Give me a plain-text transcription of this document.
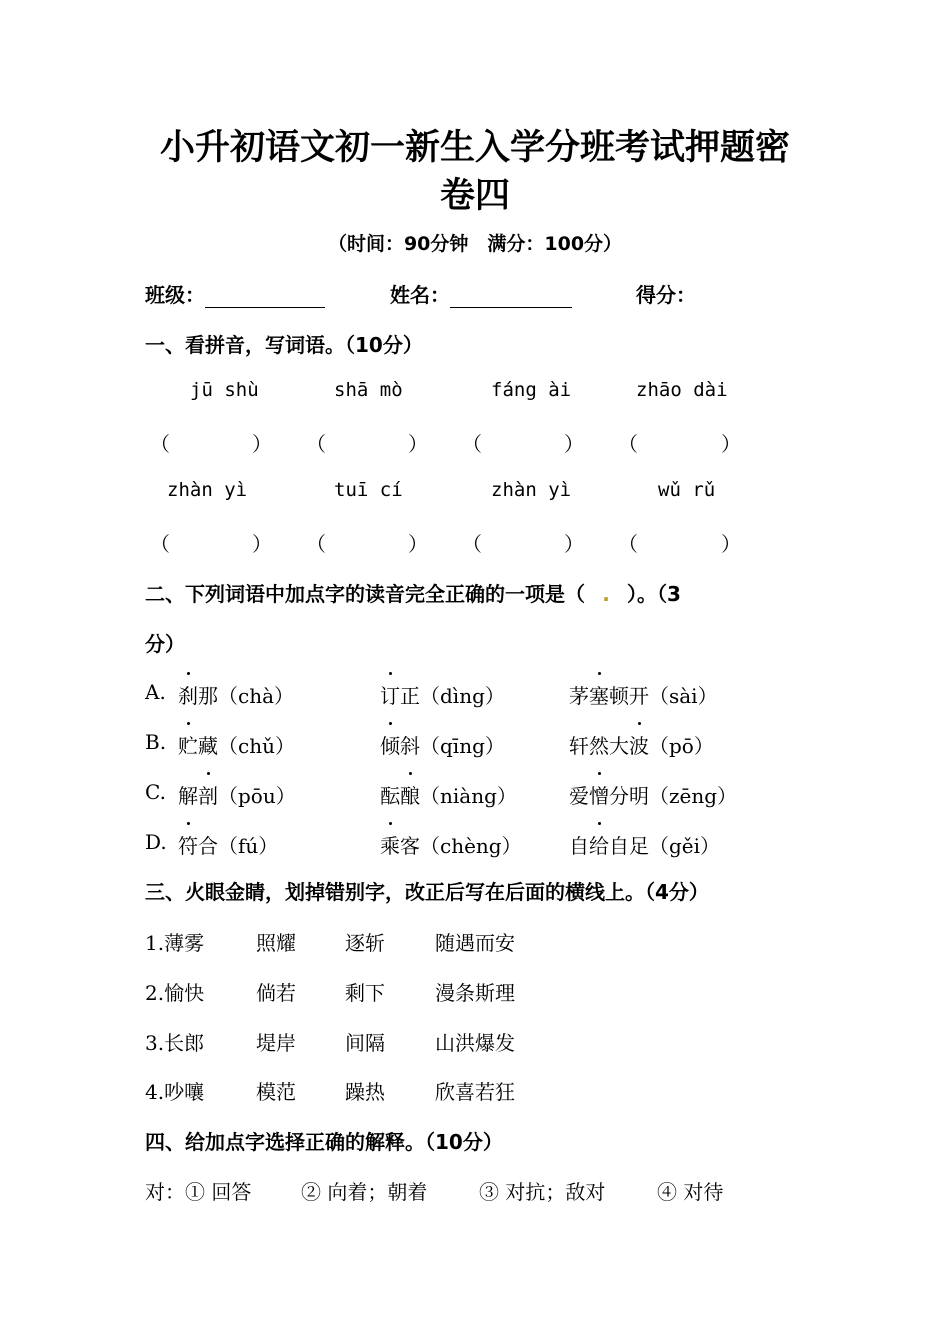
小升初语文初一新生入学分班考试押题密
卷四
（时间：90分钟　满分：100分）
班级：	姓名：	得分：
一、看拼音，写词语。（10分）
jū shù	shā mò	fáng ài	zhāo dài
（	） （	） （	） （	）
zhàn yì	tuī cí	zhàn yì	wǔ rǔ
（	） （	） （	） （	）
二、下列词语中加点字的读音完全正确的一项是（ . ）。（3
分）
A. 刹那（chà）	订正（dìng）	茅塞顿开（sài）
B. 贮藏（chǔ）	倾斜（qīng）	轩然大波（pō）
C. 解剖（pōu）	酝酿（niàng）	爱憎分明（zēng）
D. 符合（fú）	乘客（chèng） 自给自足（gěi）
三、火眼金睛，划掉错别字，改正后写在后面的横线上。（4分）
1.薄雾	照耀 逐斩	随遇而安
2.愉快	倘若 剩下	漫条斯理
3.长郎	堤岸 间隔	山洪爆发
4.吵嚷	模范 躁热	欣喜若狂
四、给加点字选择正确的解释。（10分）
对：① 回答 ② 向着；朝着	③ 对抗；敌对	④ 对待
